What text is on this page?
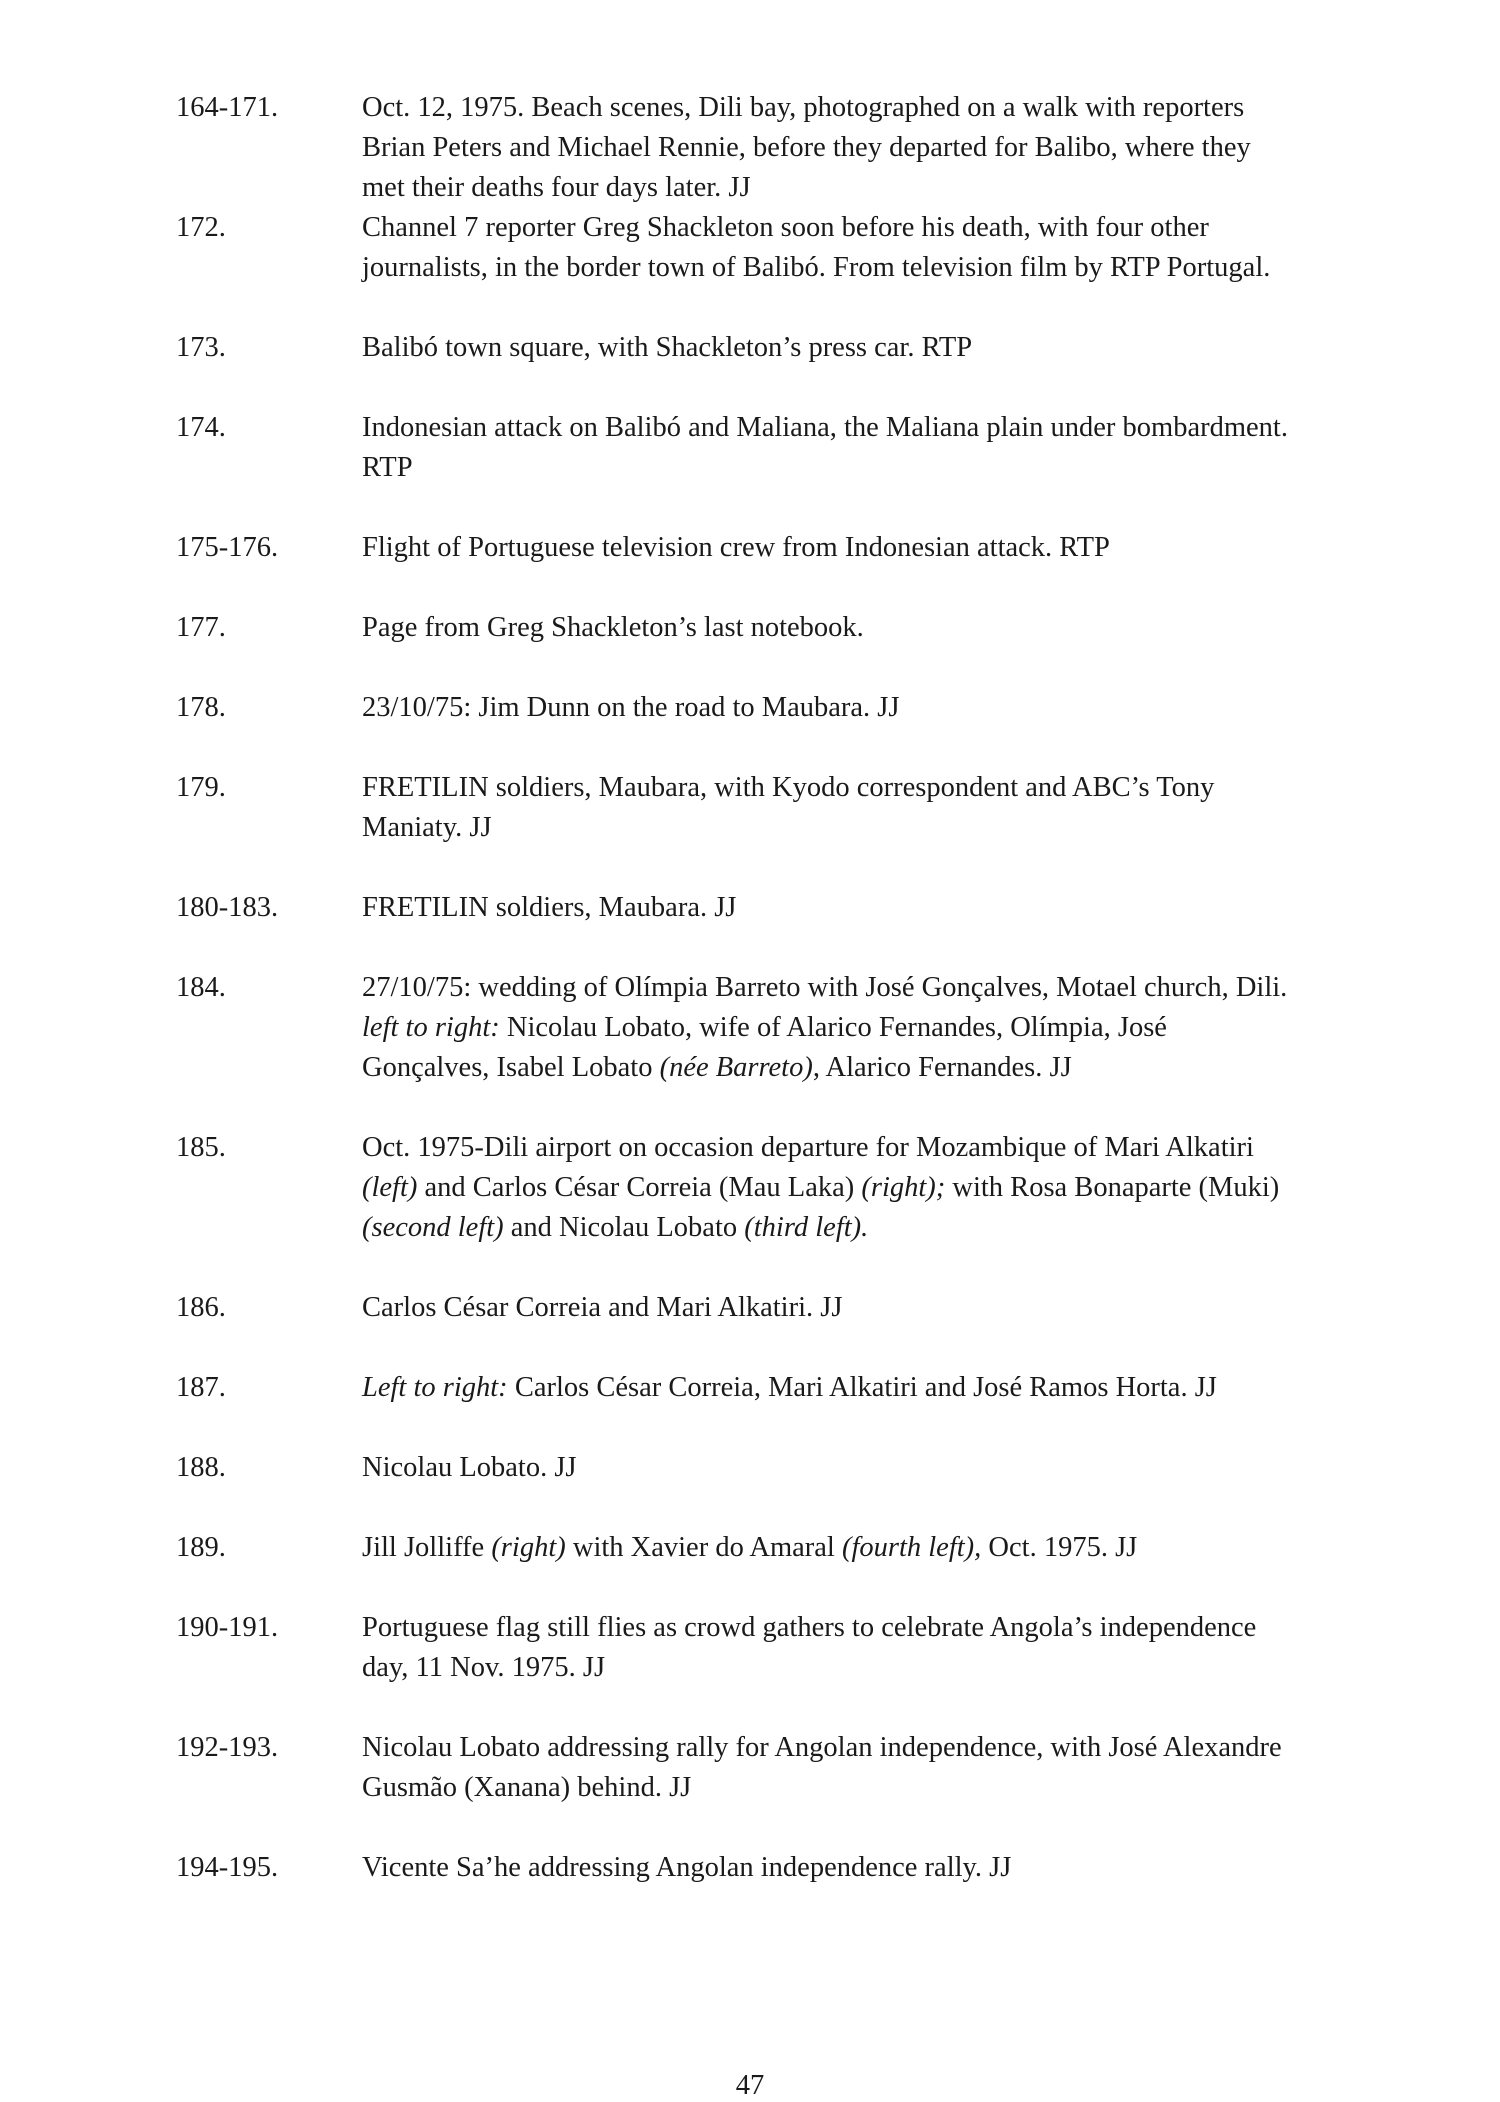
164-171.	Oct. 12, 1975. Beach scenes, Dili bay, photographed on a walk with reporters
Brian Peters and Michael Rennie, before they departed for Balibo, where they
met their deaths four days later. JJ
172.	Channel 7 reporter Greg Shackleton soon before his death, with four other
journalists, in the border town of Balibó. From television film by RTP Portugal.
173.	Balibó town square, with Shackleton’s press car. RTP
174.	Indonesian attack on Balibó and Maliana, the Maliana plain under bombardment.
RTP
175-176.	Flight of Portuguese television crew from Indonesian attack. RTP
177.	Page from Greg Shackleton’s last notebook.
178.	23/10/75: Jim Dunn on the road to Maubara. JJ
179.	FRETILIN soldiers, Maubara, with Kyodo correspondent and ABC’s Tony
Maniaty. JJ
180-183.	FRETILIN soldiers, Maubara. JJ
184.	27/10/75: wedding of Olímpia Barreto with José Gonçalves, Motael church, Dili.
left to right: Nicolau Lobato, wife of Alarico Fernandes, Olímpia, José
Gonçalves, Isabel Lobato (née Barreto), Alarico Fernandes. JJ
185.	Oct. 1975-Dili airport on occasion departure for Mozambique of Mari Alkatiri
(left) and Carlos César Correia (Mau Laka) (right); with Rosa Bonaparte (Muki)
(second left) and Nicolau Lobato (third left).
186.	Carlos César Correia and Mari Alkatiri. JJ
187.	Left to right: Carlos César Correia, Mari Alkatiri and José Ramos Horta. JJ
188.	Nicolau Lobato. JJ
189.	Jill Jolliffe (right) with Xavier do Amaral (fourth left), Oct. 1975. JJ
190-191.	Portuguese flag still flies as crowd gathers to celebrate Angola’s independence
day, 11 Nov. 1975. JJ
192-193.	Nicolau Lobato addressing rally for Angolan independence, with José Alexandre
Gusmão (Xanana) behind. JJ
194-195.	Vicente Sa’he addressing Angolan independence rally. JJ
47
